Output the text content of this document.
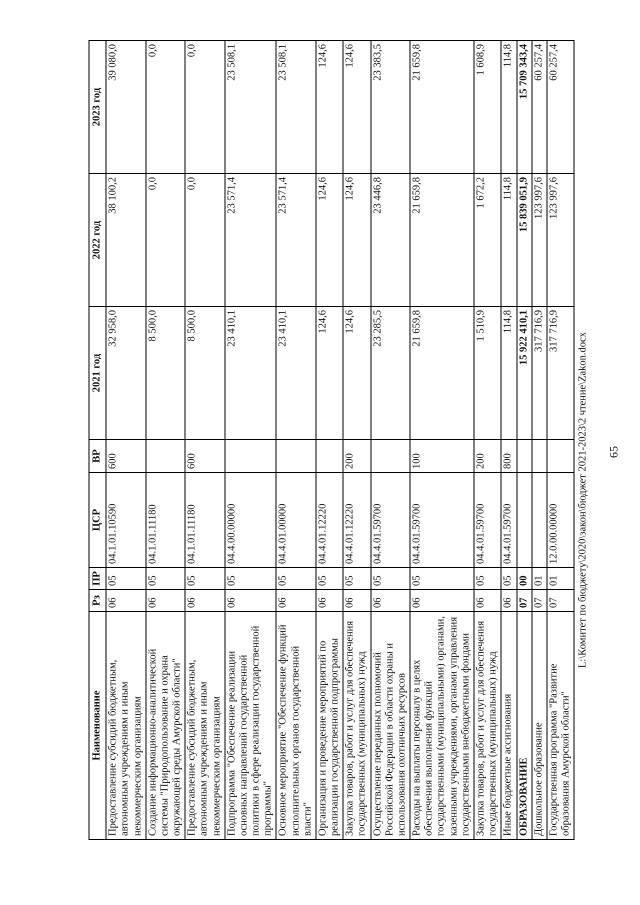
65
Наименование	Рз	ПР	ЦСР	ВР	2021 год	2022 год	2023 год
Предоставление субсидий бюджетным, автономным учреждениям и иным некоммерческим организациям	06	05	04.1.01.10590	600	32 958,0	38 100,2	39 080,0
Создание информационно-аналитической системы "Природопользование и охрана окружающей среды Амурской области"	06	05	04.1.01.11180		8 500,0	0,0	0,0
Предоставление субсидий бюджетным, автономным учреждениям и иным некоммерческим организациям	06	05	04.1.01.11180	600	8 500,0	0,0	0,0
Подпрограмма "Обеспечение реализации основных направлений государственной политики в сфере реализации государственной программы"	06	05	04.4.00.00000		23 410,1	23 571,4	23 508,1
Основное мероприятие "Обеспечение функций исполнительных органов государственной власти"	06	05	04.4.01.00000		23 410,1	23 571,4	23 508,1
Организация и проведение мероприятий по реализации государственной подпрограммы	06	05	04.4.01.12220		124,6	124,6	124,6
Закупка товаров, работ и услуг для обеспечения государственных (муниципальных) нужд	06	05	04.4.01.12220	200	124,6	124,6	124,6
Осуществление переданных полномочий Российской Федерации в области охраны и использования охотничьих ресурсов	06	05	04.4.01.59700		23 285,5	23 446,8	23 383,5
Расходы на выплаты персоналу в целях обеспечения выполнения функций государственными (муниципальными) органами, казенными учреждениями, органами управления государственными внебюджетными фондами	06	05	04.4.01.59700	100	21 659,8	21 659,8	21 659,8
Закупка товаров, работ и услуг для обеспечения государственных (муниципальных) нужд	06	05	04.4.01.59700	200	1 510,9	1 672,2	1 608,9
Иные бюджетные ассигнования	06	05	04.4.01.59700	800	114,8	114,8	114,8
ОБРАЗОВАНИЕ	07	00			15 922 410,1	15 839 051,9	15 709 343,4
Дошкольное образование	07	01			317 716,9	123 997,6	60 257,4
Государственная программа "Развитие образования Амурской области"	07	01	12.0.00.00000		317 716,9	123 997,6	60 257,4
L:\Комитет по бюджету\2020\закон\бюджет 2021-2023\2 чтение\Zakon.docx
